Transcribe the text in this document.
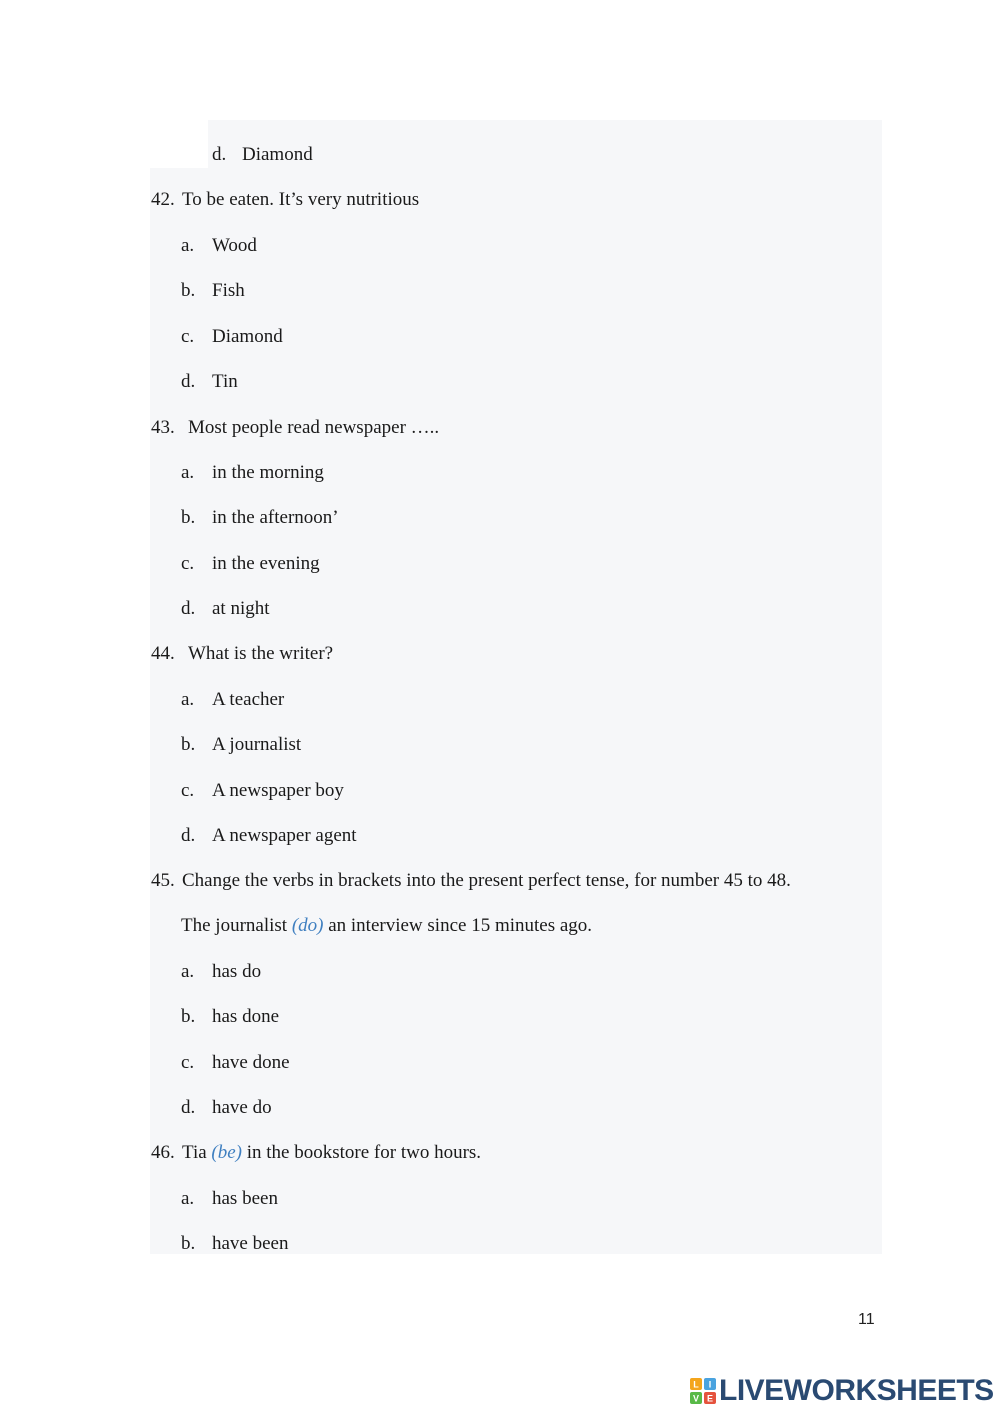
d. Diamond
42. To be eaten. It’s very nutritious
a. Wood
b. Fish
c. Diamond
d. Tin
43. Most people read newspaper …..
a. in the morning
b. in the afternoon’
c. in the evening
d. at night
44. What is the writer?
a. A teacher
b. A journalist
c. A newspaper boy
d. A newspaper agent
45. Change the verbs in brackets into the present perfect tense, for number 45 to 48.
The journalist (do) an interview since 15 minutes ago.
a. has do
b. has done
c. have done
d. have do
46. Tia (be) in the bookstore for two hours.
a. has been
b. have been
11
L I
V E LIVEWORKSHEETS
